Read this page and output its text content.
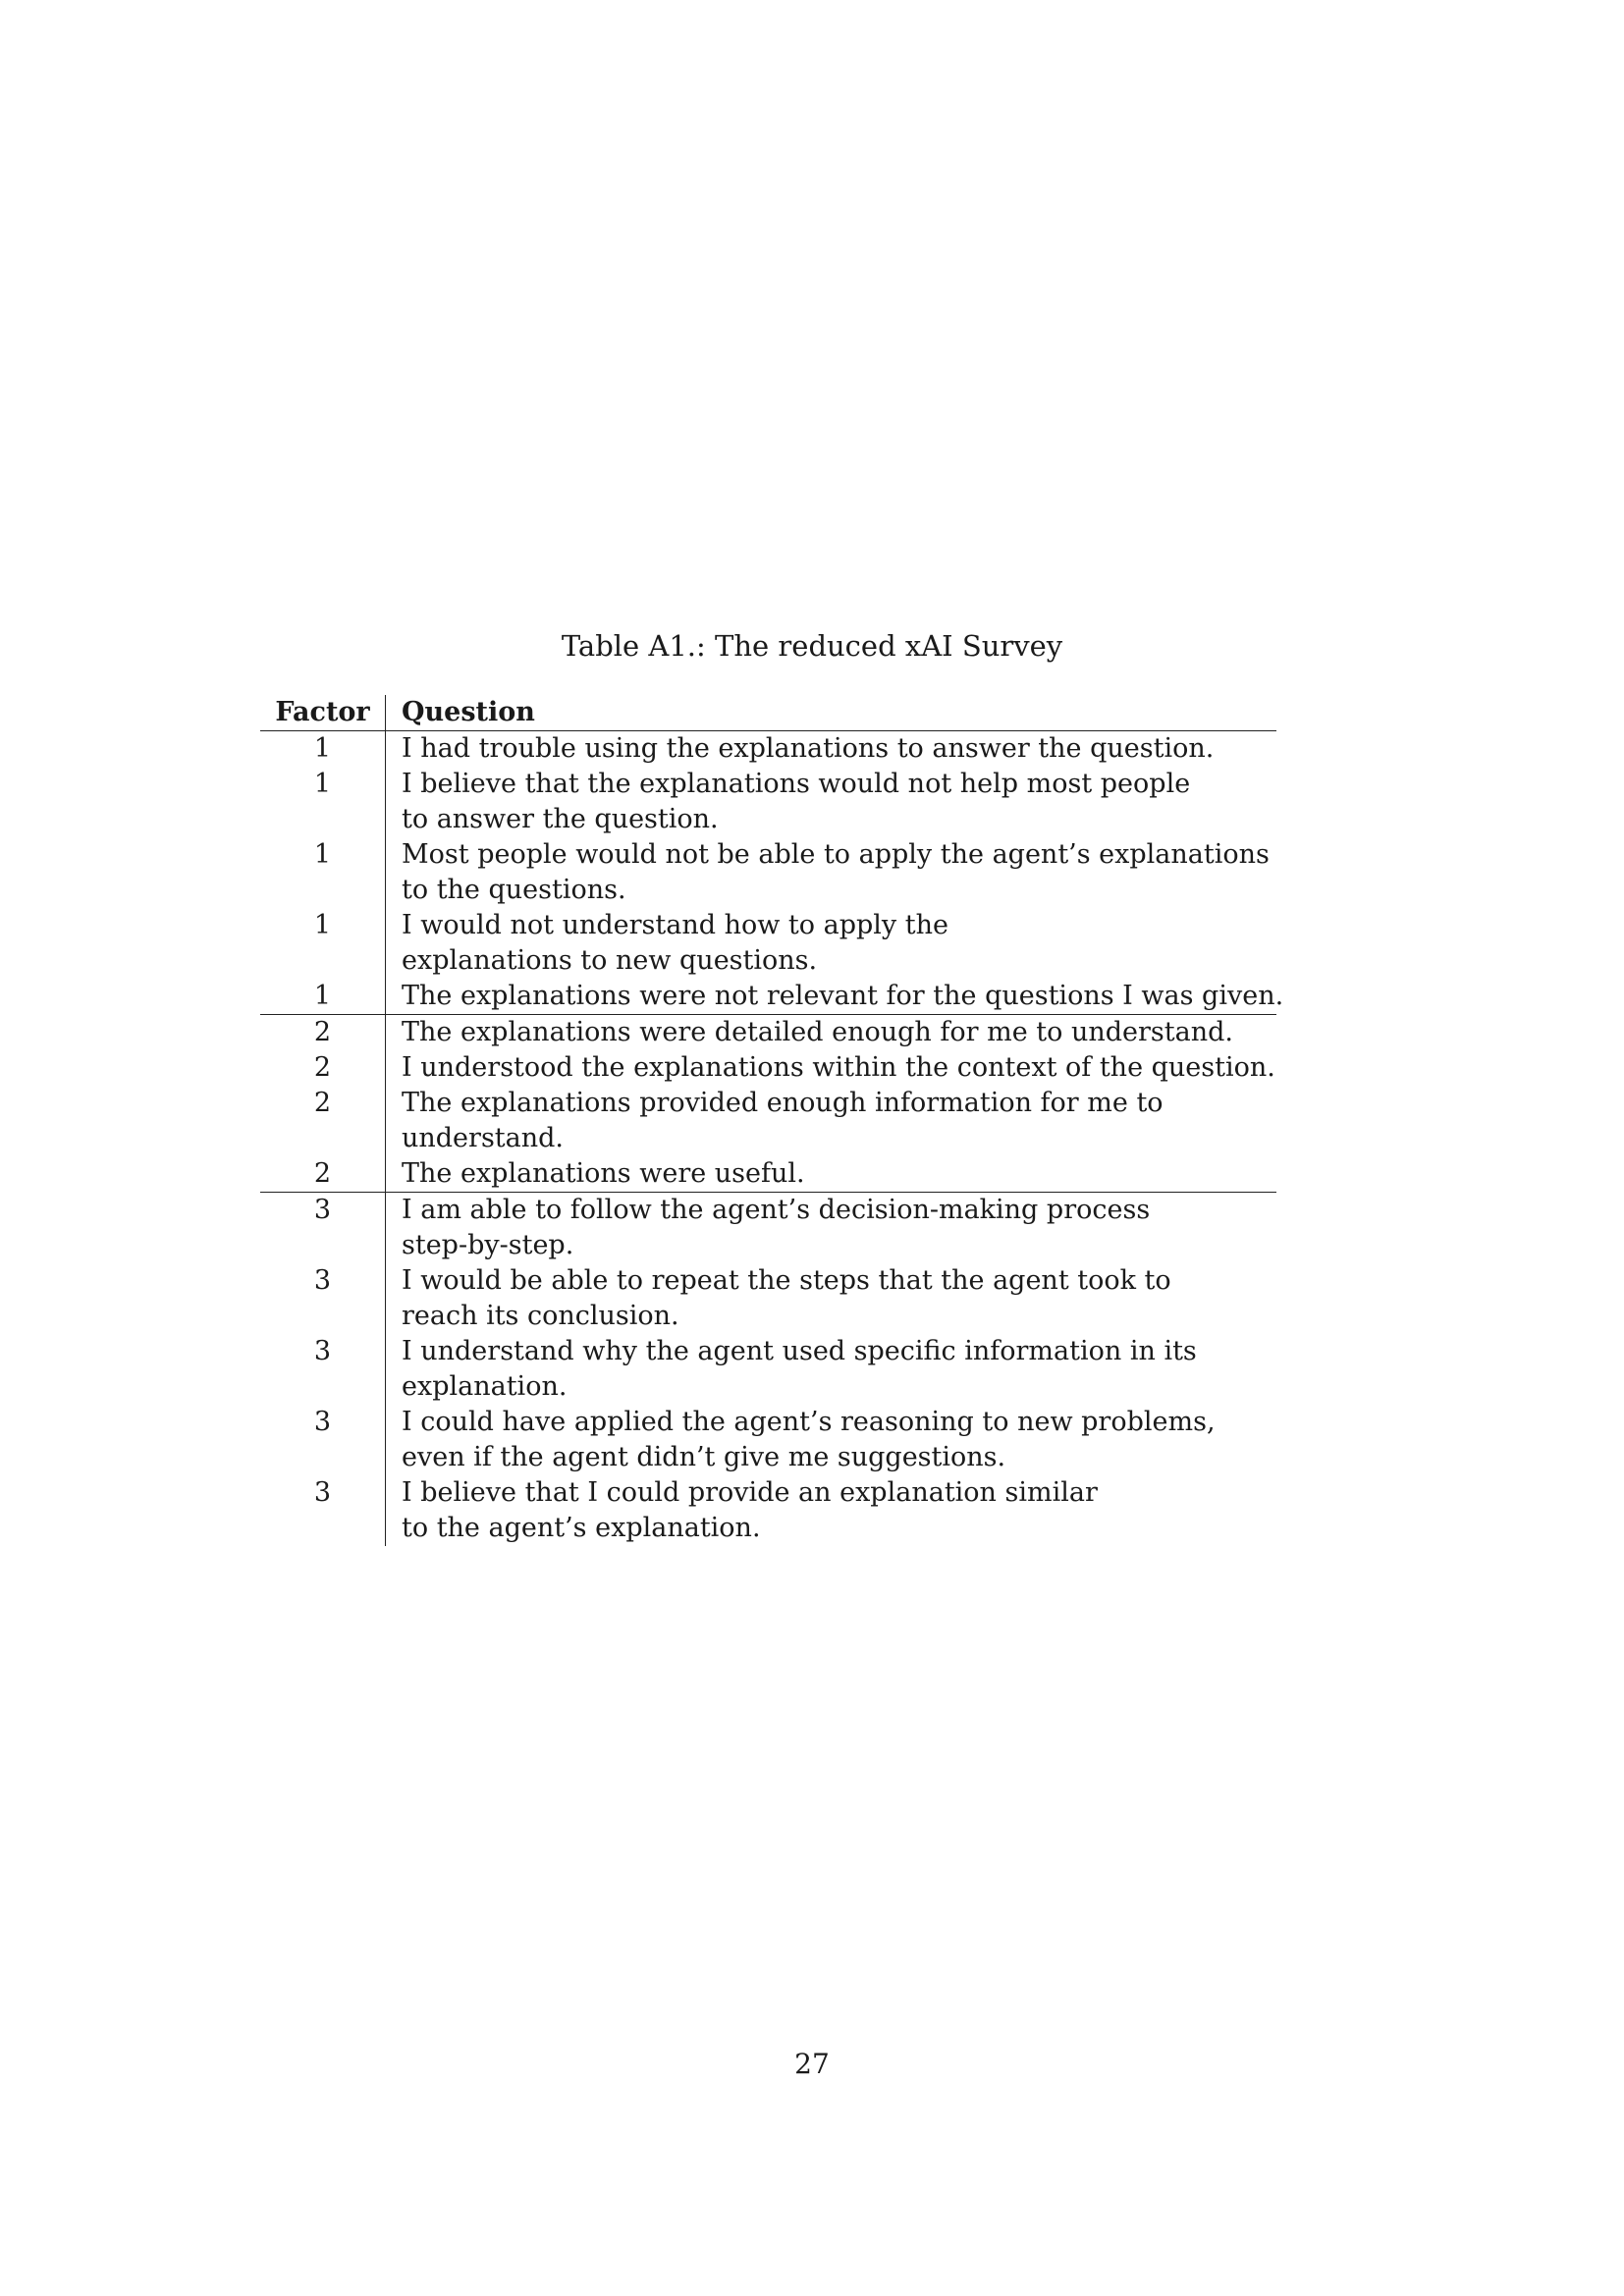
Table A1.: The reduced xAI Survey
Factor	Question
1	I had trouble using the explanations to answer the question.
1	I believe that the explanations would not help most people
to answer the question.
1	Most people would not be able to apply the agent’s explanations
to the questions.
1	I would not understand how to apply the
explanations to new questions.
1	The explanations were not relevant for the questions I was given.
2	The explanations were detailed enough for me to understand.
2	I understood the explanations within the context of the question.
2	The explanations provided enough information for me to
understand.
2	The explanations were useful.
3	I am able to follow the agent’s decision-making process
step-by-step.
3	I would be able to repeat the steps that the agent took to
reach its conclusion.
3	I understand why the agent used specific information in its
explanation.
3	I could have applied the agent’s reasoning to new problems,
even if the agent didn’t give me suggestions.
3	I believe that I could provide an explanation similar
to the agent’s explanation.
27
